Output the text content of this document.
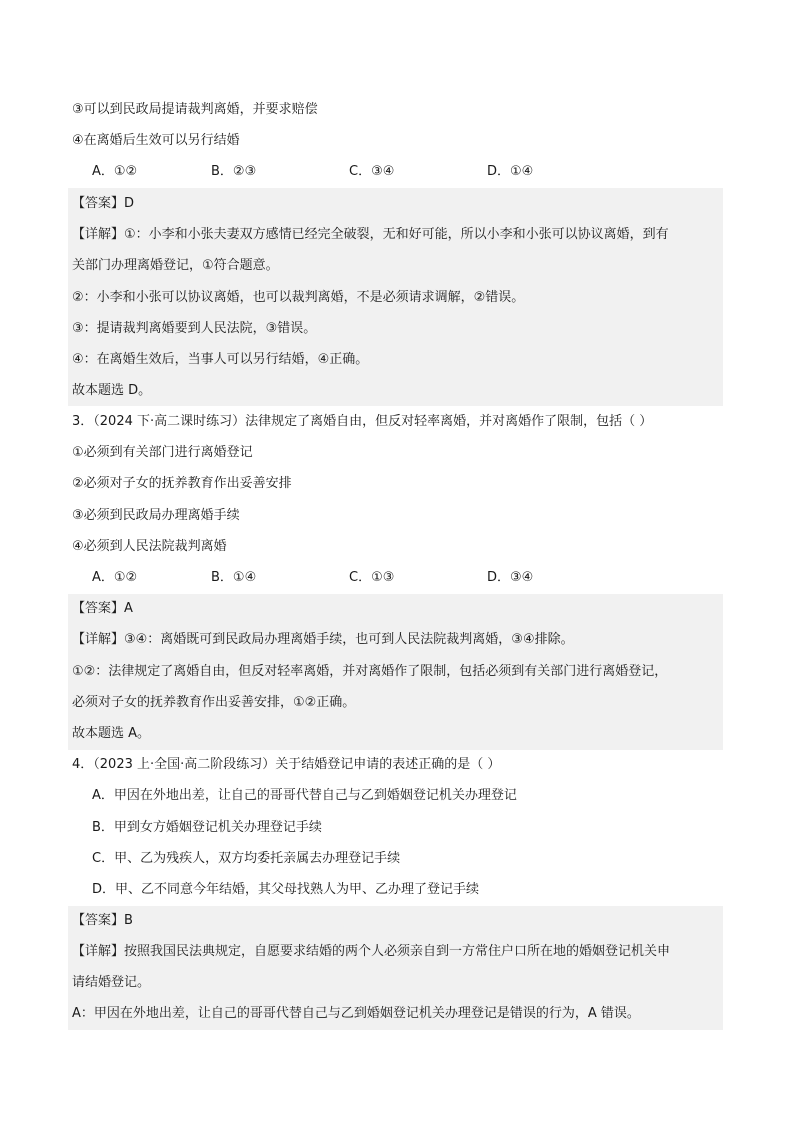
③可以到民政局提请裁判离婚，并要求赔偿
④在离婚后生效可以另行结婚
A．①②	B．②③	C．③④	D．①④
【答案】D
【详解】①：小李和小张夫妻双方感情已经完全破裂，无和好可能，所以小李和小张可以协议离婚，到有
关部门办理离婚登记，①符合题意。
②：小李和小张可以协议离婚，也可以裁判离婚，不是必须请求调解，②错误。
③：提请裁判离婚要到人民法院，③错误。
④：在离婚生效后，当事人可以另行结婚，④正确。
故本题选 D。
3．（2024 下·高二课时练习）法律规定了离婚自由，但反对轻率离婚，并对离婚作了限制，包括（ ）
①必须到有关部门进行离婚登记
②必须对子女的抚养教育作出妥善安排
③必须到民政局办理离婚手续
④必须到人民法院裁判离婚
A．①②	B．①④	C．①③	D．③④
【答案】A
【详解】③④：离婚既可到民政局办理离婚手续，也可到人民法院裁判离婚，③④排除。
①②：法律规定了离婚自由，但反对轻率离婚，并对离婚作了限制，包括必须到有关部门进行离婚登记，
必须对子女的抚养教育作出妥善安排，①②正确。
故本题选 A。
4．（2023 上·全国·高二阶段练习）关于结婚登记申请的表述正确的是（ ）
A．甲因在外地出差，让自己的哥哥代替自己与乙到婚姻登记机关办理登记
B．甲到女方婚姻登记机关办理登记手续
C．甲、乙为残疾人，双方均委托亲属去办理登记手续
D．甲、乙不同意今年结婚，其父母找熟人为甲、乙办理了登记手续
【答案】B
【详解】按照我国民法典规定，自愿要求结婚的两个人必须亲自到一方常住户口所在地的婚姻登记机关申
请结婚登记。
A：甲因在外地出差，让自己的哥哥代替自己与乙到婚姻登记机关办理登记是错误的行为，A 错误。
